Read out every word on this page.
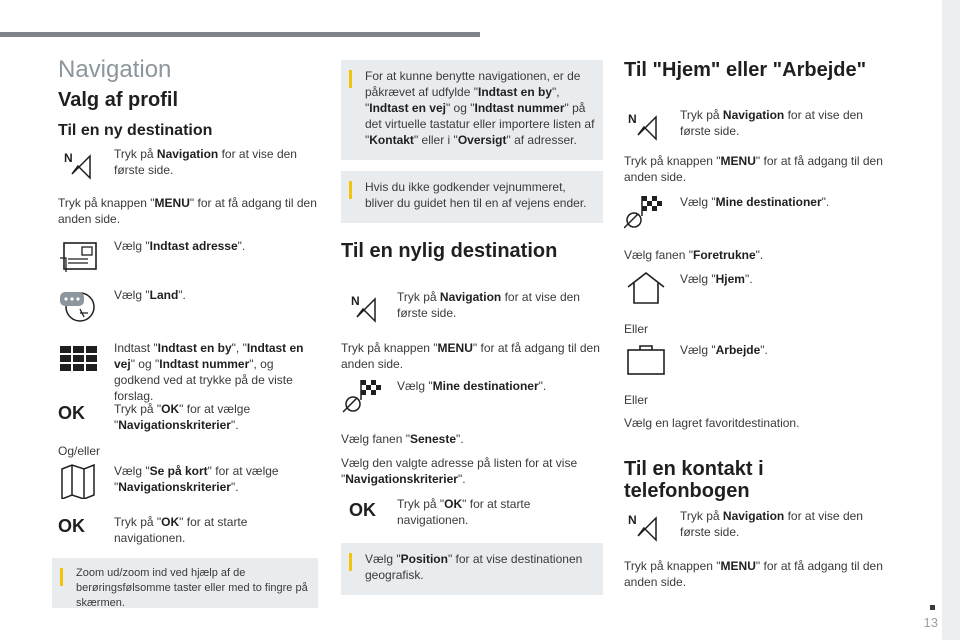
13
Navigation
Valg af profil
Til en ny destination
N	Tryk på Navigation for at vise den første side.
Tryk på knappen "MENU" for at få adgang til den anden side.
Vælg "Indtast adresse".
Vælg "Land".
Indtast "Indtast en by", "Indtast en vej" og "Indtast nummer", og godkend ved at trykke på de viste forslag.
OK	Tryk på "OK" for at vælge "Navigationskriterier".
Og/eller
Vælg "Se på kort" for at vælge "Navigationskriterier".
OK	Tryk på "OK" for at starte navigationen.
Zoom ud/zoom ind ved hjælp af de berøringsfølsomme taster eller med to fingre på skærmen.
For at kunne benytte navigationen, er de påkrævet af udfylde "Indtast en by", "Indtast en vej" og "Indtast nummer" på det virtuelle tastatur eller importere listen af "Kontakt" eller i "Oversigt" af adresser.
Hvis du ikke godkender vejnummeret, bliver du guidet hen til en af vejens ender.
Til en nylig destination
N	Tryk på Navigation for at vise den første side.
Tryk på knappen "MENU" for at få adgang til den anden side.
Vælg "Mine destinationer".
Vælg fanen "Seneste".
Vælg den valgte adresse på listen for at vise "Navigationskriterier".
OK	Tryk på "OK" for at starte navigationen.
Vælg "Position" for at vise destinationen geografisk.
Til "Hjem" eller "Arbejde"
N	Tryk på Navigation for at vise den første side.
Tryk på knappen "MENU" for at få adgang til den anden side.
Vælg "Mine destinationer".
Vælg fanen "Foretrukne".
Vælg "Hjem".
Eller
Vælg "Arbejde".
Eller
Vælg en lagret favoritdestination.
Til en kontakt i telefonbogen
N	Tryk på Navigation for at vise den første side.
Tryk på knappen "MENU" for at få adgang til den anden side.
